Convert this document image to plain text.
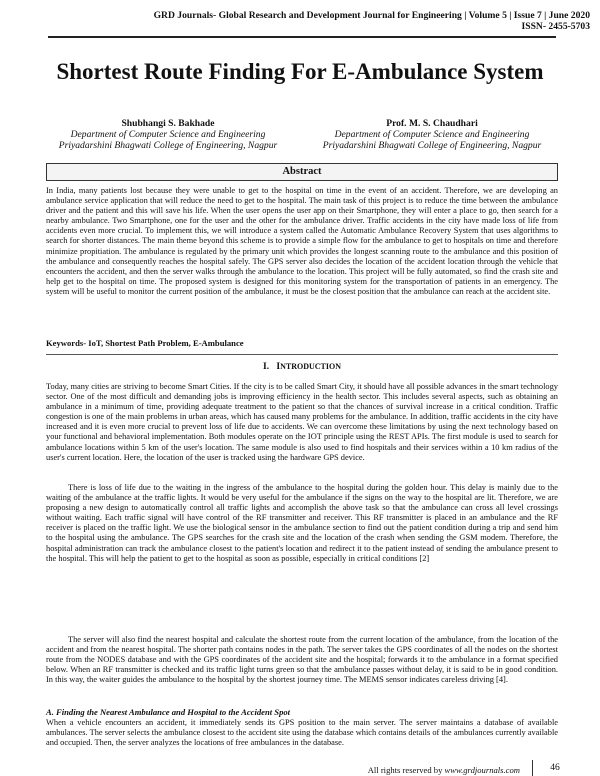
GRD Journals- Global Research and Development Journal for Engineering | Volume 5 | Issue 7 | June 2020
ISSN- 2455-5703
Shortest Route Finding For E-Ambulance System
Shubhangi S. Bakhade
Department of Computer Science and Engineering
Priyadarshini Bhagwati College of Engineering, Nagpur
Prof. M. S. Chaudhari
Department of Computer Science and Engineering
Priyadarshini Bhagwati College of Engineering, Nagpur
Abstract

In India, many patients lost because they were unable to get to the hospital on time in the event of an accident. Therefore, we are developing an ambulance service application that will reduce the need to get to the hospital. The main task of this project is to reduce the time between the ambulance driver and the patient and this will save his life. When the user opens the user app on their Smartphone, they will enter a place to go, then search for a nearby ambulance. Two Smartphone, one for the user and the other for the ambulance driver. Traffic accidents in the city have made loss of life from accidents even more crucial. To implement this, we will introduce a system called the Automatic Ambulance Recovery System that uses algorithms to search for shorter distances. The main theme beyond this scheme is to provide a simple flow for the ambulance to get to hospitals on time and therefore minimize propitiation. The ambulance is regulated by the primary unit which provides the longest scanning route to the ambulance and this position of the ambulance and consequently reaches the hospital safely. The GPS server also decides the location of the accident location through the vehicle that encounters the accident, and then the server walks through the ambulance to the location. This project will be fully automated, so find the crash site and help get to the hospital on time. The proposed system is designed for this monitoring system for the transportation of patients in an emergency. The system will be useful to monitor the current position of the ambulance, it must be the closest position that the ambulance can reach at the accident site.

Keywords- IoT, Shortest Path Problem, E-Ambulance
I. INTRODUCTION

Today, many cities are striving to become Smart Cities. If the city is to be called Smart City, it should have all possible advances in the smart technology sector. One of the most difficult and demanding jobs is improving efficiency in the health sector. This includes several aspects, such as obtaining an ambulance in a minimum of time, providing adequate treatment to the patient so that the chances of survival increase in a critical condition. Traffic congestion is one of the main problems in urban areas, which has caused many problems for the ambulance. In addition, traffic accidents in the city have increased and it is even more crucial to prevent loss of life due to accidents. We can overcome these limitations by using the next technology based on your functional and behavioral implementation. Both modules operate on the IOT principle using the REST APIs. The first module is used to search for ambulance locations within 5 km of the user's location. The same module is also used to find hospitals and their services within a 10 km radius of the user's current location. Here, the location of the user is tracked using the hardware GPS device.

There is loss of life due to the waiting in the ingress of the ambulance to the hospital during the golden hour. This delay is mainly due to the waiting of the ambulance at the traffic lights. It would be very useful for the ambulance if the signs on the way to the hospital are lit. Therefore, we are proposing a new design to automatically control all traffic lights and accomplish the above task so that the ambulance can cross all level crossings without waiting. Each traffic signal will have control of the RF transmitter and receiver. This RF transmitter is placed in an ambulance and the RF receiver is placed on the traffic light. We use the biological sensor in the ambulance section to find out the patient condition during a trip and send him to the hospital using the ambulance. The GPS searches for the crash site and the location of the crash when sending the GSM modem. Therefore, the hospital administration can track the ambulance closest to the patient's location and redirect it to the patient instead of sending the ambulance present to the hospital. This will help the patient to get to the hospital as soon as possible, especially in critical conditions [2]

The server will also find the nearest hospital and calculate the shortest route from the current location of the ambulance, from the location of the accident and from the nearest hospital. The shorter path contains nodes in the path. The server takes the GPS coordinates of all the nodes on the shortest route from the NODES database and with the GPS coordinates of the accident site and the hospital; forwards it to the ambulance in a format specified below. When an RF transmitter is checked and its traffic light turns green so that the ambulance passes without delay, it is said to be in good condition. In this way, the waiter guides the ambulance to the hospital by the shortest journey time. The MEMS sensor indicates careless driving [4].

A. Finding the Nearest Ambulance and Hospital to the Accident Spot

When a vehicle encounters an accident, it immediately sends its GPS position to the main server. The server maintains a database of available ambulances. The server selects the ambulance closest to the accident site using the database which contains details of the ambulances currently available and occupied. Then, the server analyzes the locations of free ambulances in the database.

All rights reserved by www.grdjournals.com	46
